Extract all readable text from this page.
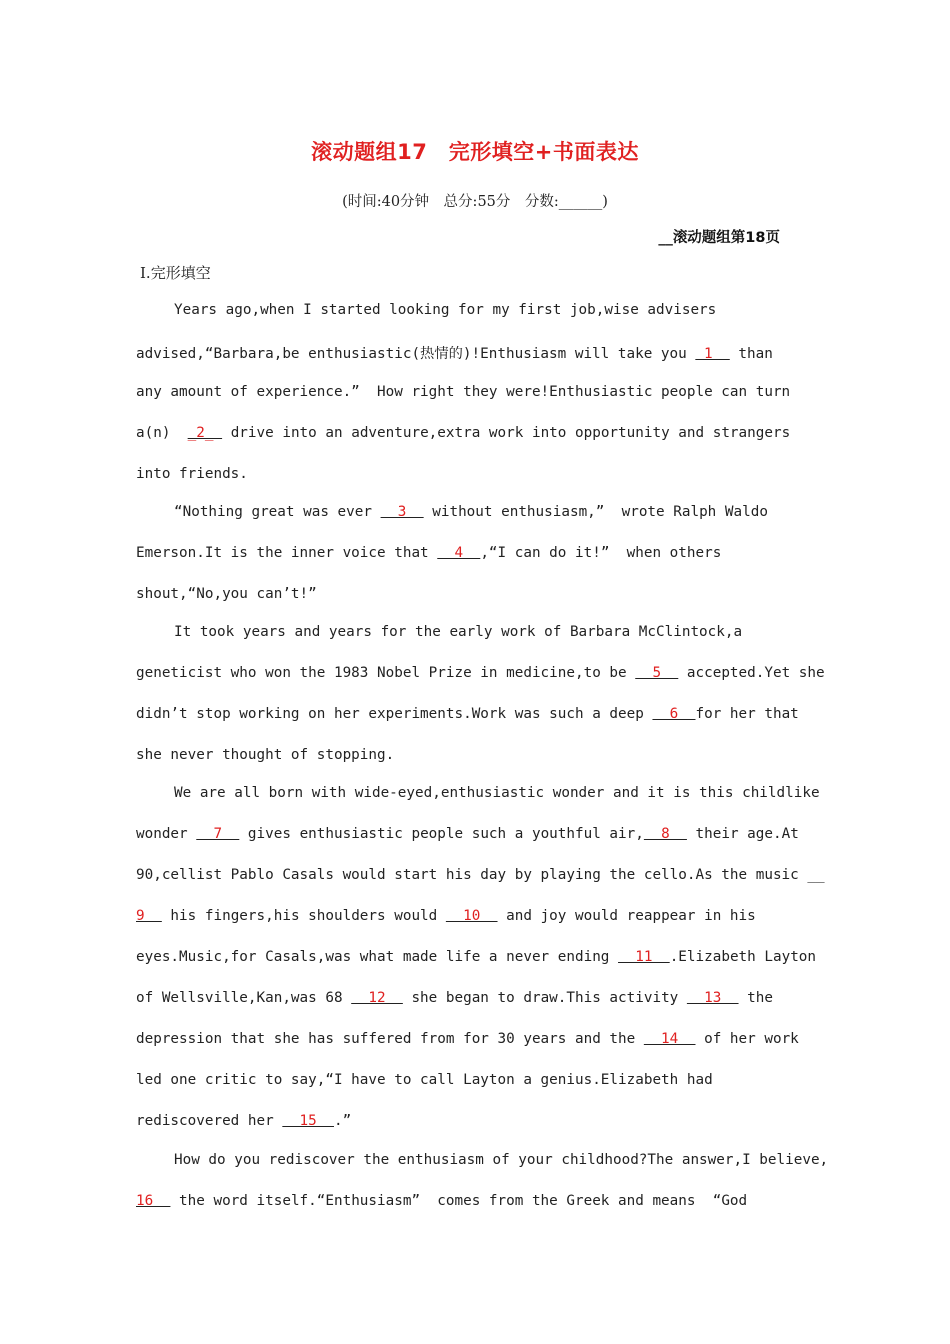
滚动题组17　完形填空+书面表达
(时间:40分钟　总分:55分　分数:______)
__滚动题组第18页
Ⅰ.完形填空
Years ago,when I started looking for my first job,wise advisers
advised,“Barbara,be enthusiastic(热情的)!Enthusiasm will take you  1   than
any amount of experience.”  How right they were!Enthusiastic people can turn
a(n)  _2_  drive into an adventure,extra work into opportunity and strangers
into friends.
“Nothing great was ever   3   without enthusiasm,”  wrote Ralph Waldo
Emerson.It is the inner voice that   4  ,“I can do it!”  when others
shout,“No,you can’t!”
It took years and years for the early work of Barbara McClintock,a
geneticist who won the 1983 Nobel Prize in medicine,to be   5   accepted.Yet she
didn’t stop working on her experiments.Work was such a deep   6  for her that
she never thought of stopping.
We are all born with wide-eyed,enthusiastic wonder and it is this childlike
wonder   7   gives enthusiastic people such a youthful air,  8   their age.At
90,cellist Pablo Casals would start his day by playing the cello.As the music __
9   his fingers,his shoulders would   10   and joy would reappear in his
eyes.Music,for Casals,was what made life a never ending   11  .Elizabeth Layton
of Wellsville,Kan,was 68   12   she began to draw.This activity   13   the
depression that she has suffered from for 30 years and the   14   of her work
led one critic to say,“I have to call Layton a genius.Elizabeth had
rediscovered her   15  .”
How do you rediscover the enthusiasm of your childhood?The answer,I believe,
16   the word itself.“Enthusiasm”  comes from the Greek and means  “God
